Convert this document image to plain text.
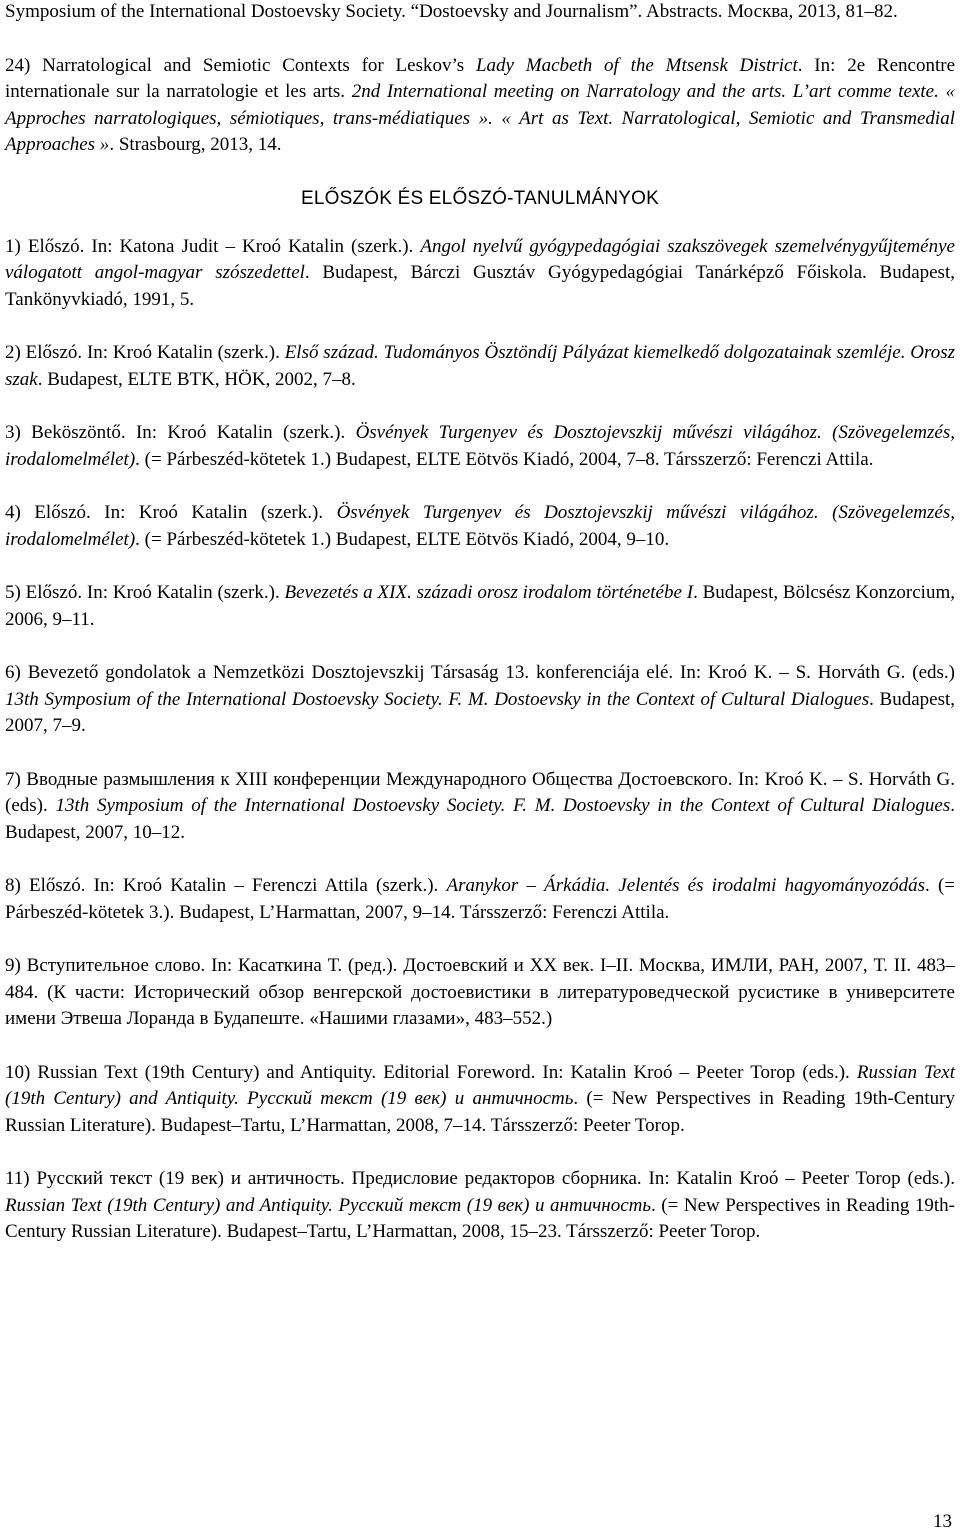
Symposium of the International Dostoevsky Society. “Dostoevsky and Journalism”. Abstracts. Москва, 2013, 81–82.

24) Narratological and Semiotic Contexts for Leskov’s Lady Macbeth of the Mtsensk District. In: 2e Rencontre internationale sur la narratologie et les arts. 2nd International meeting on Narratology and the arts. L’art comme texte. « Approches narratologiques, sémiotiques, trans-médiatiques ». « Art as Text. Narratological, Semiotic and Transmedial Approaches ». Strasbourg, 2013, 14.

ELŐSZÓK ÉS ELŐSZÓ-TANULMÁNYOK

1) Előszó. In: Katona Judit – Kroó Katalin (szerk.). Angol nyelvű gyógypedagógiai szakszövegek szemelvénygyűjteménye válogatott angol-magyar szószedettel. Budapest, Bárczi Gusztáv Gyógypedagógiai Tanárképző Főiskola. Budapest, Tankönyvkiadó, 1991, 5.

2) Előszó. In: Kroó Katalin (szerk.). Első század. Tudományos Ösztöndíj Pályázat kiemelkedő dolgozatainak szemléje. Orosz szak. Budapest, ELTE BTK, HÖK, 2002, 7–8.

3) Beköszöntő. In: Kroó Katalin (szerk.). Ösvények Turgenyev és Dosztojevszkij művészi világához. (Szövegelemzés, irodalomelmélet). (= Párbeszéd-kötetek 1.) Budapest, ELTE Eötvös Kiadó, 2004, 7–8. Társszerző: Ferenczi Attila.

4) Előszó. In: Kroó Katalin (szerk.). Ösvények Turgenyev és Dosztojevszkij művészi világához. (Szövegelemzés, irodalomelmélet). (= Párbeszéd-kötetek 1.) Budapest, ELTE Eötvös Kiadó, 2004, 9–10.

5) Előszó. In: Kroó Katalin (szerk.). Bevezetés a XIX. századi orosz irodalom történetébe I. Budapest, Bölcsész Konzorcium, 2006, 9–11.

6) Bevezető gondolatok a Nemzetközi Dosztojevszkij Társaság 13. konferenciája elé. In: Kroó K. – S. Horváth G. (eds.) 13th Symposium of the International Dostoevsky Society. F. M. Dostoevsky in the Context of Cultural Dialogues. Budapest, 2007, 7–9.

7) Вводные размышления к XIII конференции Международного Общества Достоевского. In: Kroó K. – S. Horváth G. (eds). 13th Symposium of the International Dostoevsky Society. F. M. Dostoevsky in the Context of Cultural Dialogues. Budapest, 2007, 10–12.

8) Előszó. In: Kroó Katalin – Ferenczi Attila (szerk.). Aranykor – Árkádia. Jelentés és irodalmi hagyományozódás. (= Párbeszéd-kötetek 3.). Budapest, L’Harmattan, 2007, 9–14. Társszerző: Ferenczi Attila.

9) Вступительное слово. In: Касаткина Т. (ред.). Достоевский и XX век. I–II. Москва, ИМЛИ, РАН, 2007, Т. II. 483–484. (К части: Исторический обзор венгерской достоевистики в литературоведческой русистике в университете имени Этвеша Лоранда в Будапеште. «Нашими глазами», 483–552.)

10) Russian Text (19th Century) and Antiquity. Editorial Foreword. In: Katalin Kroó – Peeter Torop (eds.). Russian Text (19th Century) and Antiquity. Русский текст (19 век) и античность. (= New Perspectives in Reading 19th-Century Russian Literature). Budapest–Tartu, L’Harmattan, 2008, 7–14. Társszerző: Peeter Torop.

11) Русский текст (19 век) и античность. Предисловие редакторов сборника. In: Katalin Kroó – Peeter Torop (eds.). Russian Text (19th Century) and Antiquity. Русский текст (19 век) и античность. (= New Perspectives in Reading 19th-Century Russian Literature). Budapest–Tartu, L’Harmattan, 2008, 15–23. Társszerző: Peeter Torop.

13
